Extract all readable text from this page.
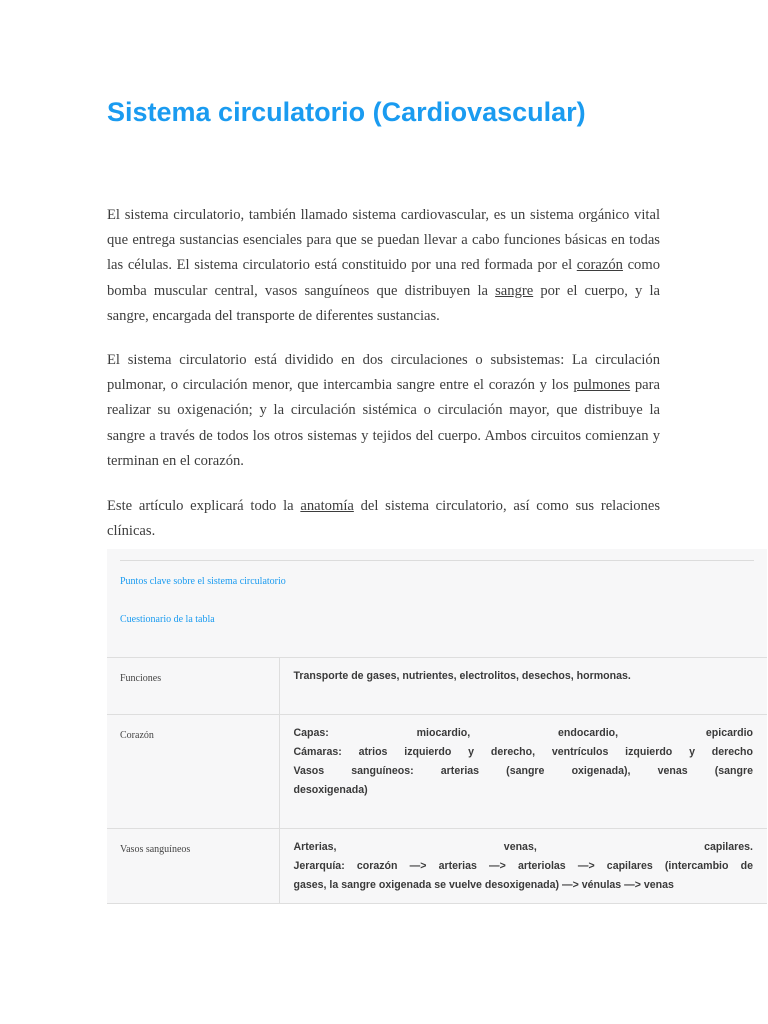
Sistema circulatorio (Cardiovascular)

El sistema circulatorio, también llamado sistema cardiovascular, es un sistema orgánico vital que entrega sustancias esenciales para que se puedan llevar a cabo funciones básicas en todas las células. El sistema circulatorio está constituido por una red formada por el corazón como bomba muscular central, vasos sanguíneos que distribuyen la sangre por el cuerpo, y la sangre, encargada del transporte de diferentes sustancias.

El sistema circulatorio está dividido en dos circulaciones o subsistemas: La circulación pulmonar, o circulación menor, que intercambia sangre entre el corazón y los pulmones para realizar su oxigenación; y la circulación sistémica o circulación mayor, que distribuye la sangre a través de todos los otros sistemas y tejidos del cuerpo. Ambos circuitos comienzan y terminan en el corazón.

Este artículo explicará todo la anatomía del sistema circulatorio, así como sus relaciones clínicas.

Puntos clave sobre el sistema circulatorio
Cuestionario de la tabla
Funciones	Transporte de gases, nutrientes, electrolitos, desechos, hormonas.

Corazón	Capas: miocardio, endocardio, epicardio
Cámaras: atrios izquierdo y derecho, ventrículos izquierdo y derecho
Vasos sanguíneos: arterias (sangre oxigenada), venas (sangre
desoxigenada)

Vasos sanguíneos	Arterias, venas, capilares.
Jerarquía: corazón —> arterias —> arteriolas —> capilares (intercambio de
gases, la sangre oxigenada se vuelve desoxigenada) —> vénulas —> venas
